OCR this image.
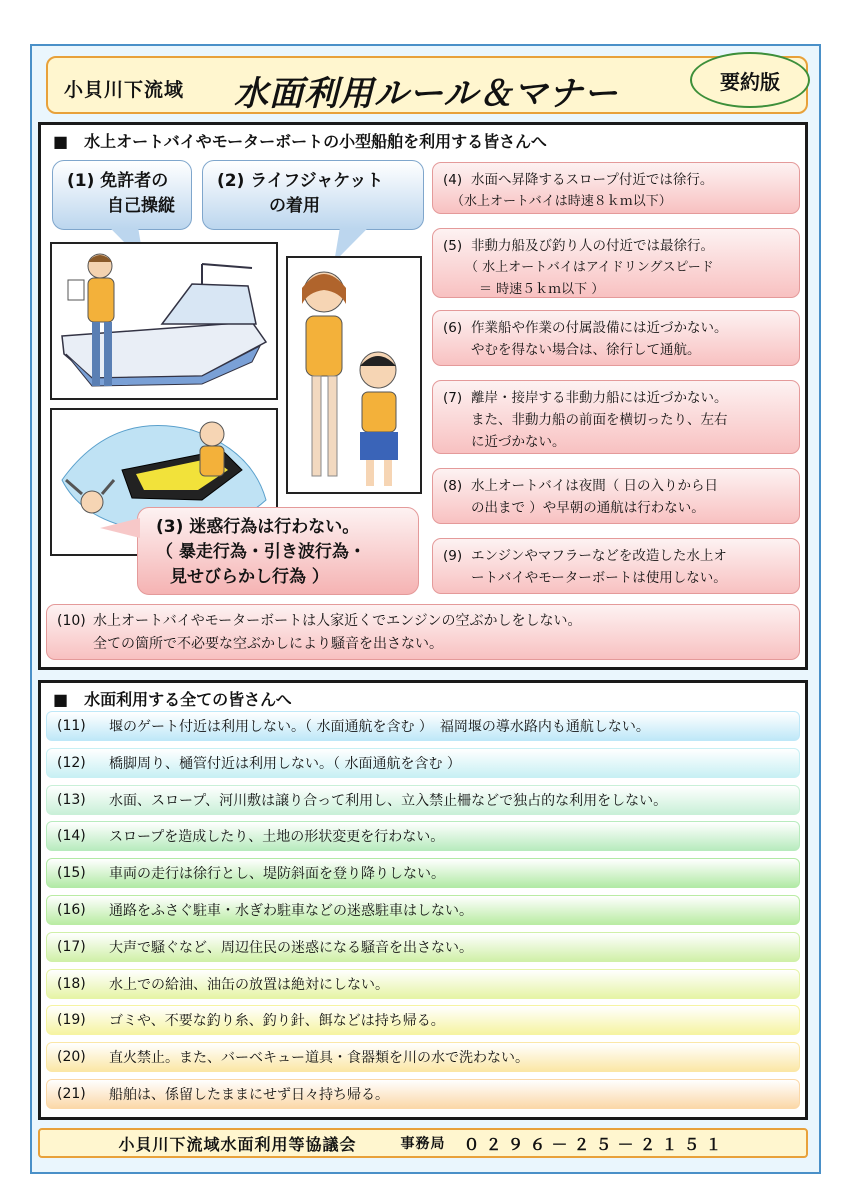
小貝川下流域 水面利用ルール＆マナー	要約版
■　水上オートバイやモーターボートの小型船舶を利用する皆さんへ
(1) 免許者の
自己操縦
(2) ライフジャケット
の着用
(3) 迷惑行為は行わない。
（ 暴走行為・引き波行為・
見せびらかし行為 ）
(4) 水面へ昇降するスロープ付近では徐行。
（水上オートバイは時速８ｋｍ以下）
(5) 非動力船及び釣り人の付近では最徐行。
（ 水上オートバイはアイドリングスピード
＝ 時速５ｋｍ以下 ）
(6) 作業船や作業の付属設備には近づかない。
やむを得ない場合は、徐行して通航。
(7) 離岸・接岸する非動力船には近づかない。
また、非動力船の前面を横切ったり、左右
に近づかない。
(8) 水上オートバイは夜間（ 日の入りから日
の出まで ）や早朝の通航は行わない。
(9) エンジンやマフラーなどを改造した水上オ
ートバイやモーターボートは使用しない。
(10) 水上オートバイやモーターボートは人家近くでエンジンの空ぶかしをしない。
全ての箇所で不必要な空ぶかしにより騒音を出さない。
■　水面利用する全ての皆さんへ
(11)	堰のゲート付近は利用しない。（ 水面通航を含む ）　福岡堰の導水路内も通航しない。
(12)	橋脚周り、樋管付近は利用しない。（ 水面通航を含む ）
(13)	水面、スロープ、河川敷は譲り合って利用し、立入禁止柵などで独占的な利用をしない。
(14)	スロープを造成したり、土地の形状変更を行わない。
(15)	車両の走行は徐行とし、堤防斜面を登り降りしない。
(16)	通路をふさぐ駐車・水ぎわ駐車などの迷惑駐車はしない。
(17)	大声で騒ぐなど、周辺住民の迷惑になる騒音を出さない。
(18)	水上での給油、油缶の放置は絶対にしない。
(19)	ゴミや、不要な釣り糸、釣り針、餌などは持ち帰る。
(20)	直火禁止。また、バーベキュー道具・食器類を川の水で洗わない。
(21)	船舶は、係留したままにせず日々持ち帰る。
小貝川下流域水面利用等協議会	事務局 ０２９６－２５－２１５１
